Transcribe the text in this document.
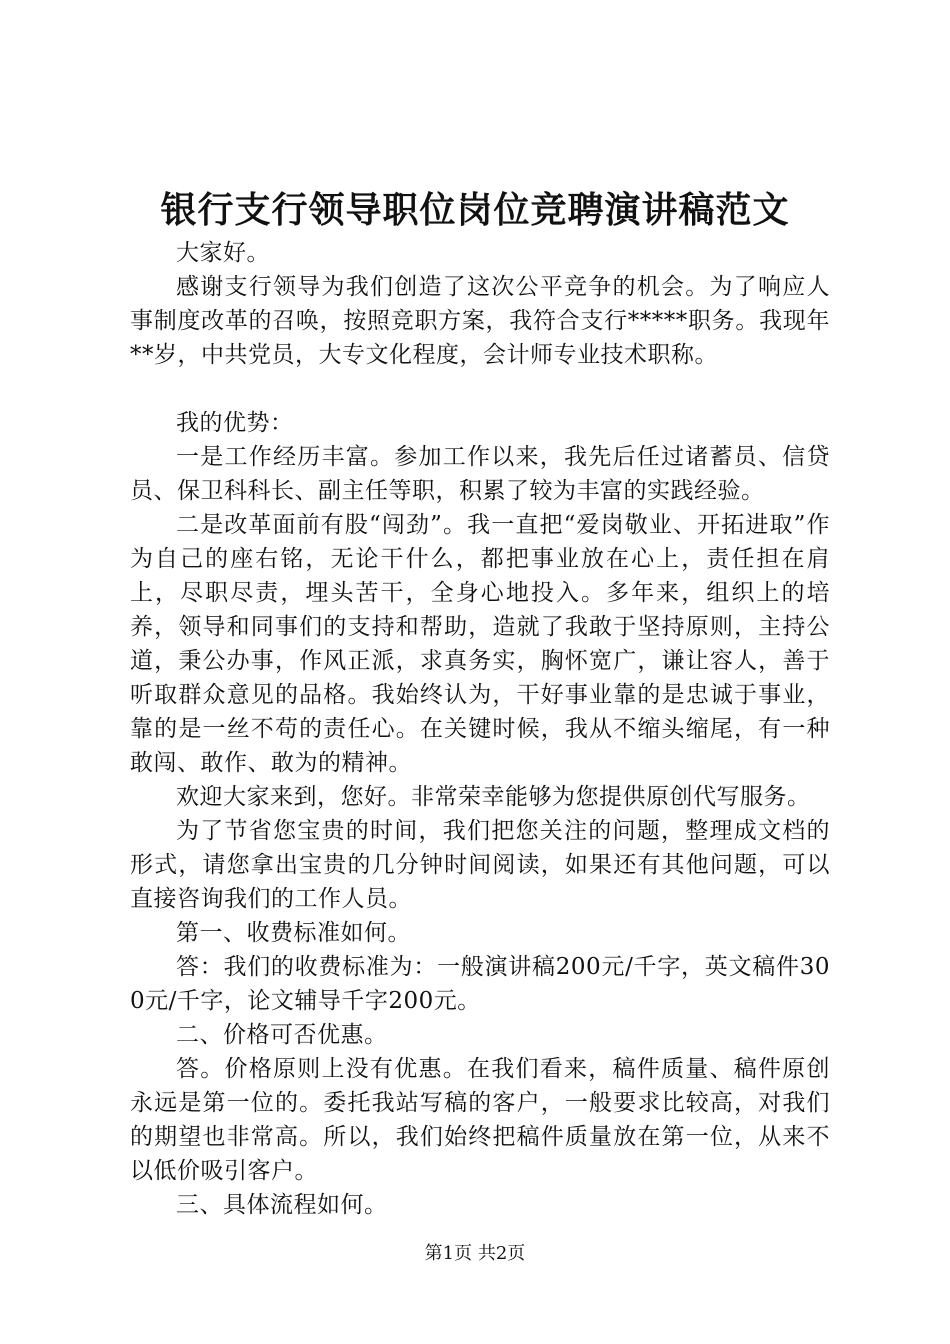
银行支行领导职位岗位竞聘演讲稿范文

大家好。

感谢支行领导为我们创造了这次公平竞争的机会。为了响应人事制度改革的召唤，按照竞职方案，我符合支行*****职务。我现年**岁，中共党员，大专文化程度，会计师专业技术职称。

我的优势：

一是工作经历丰富。参加工作以来，我先后任过诸蓄员、信贷员、保卫科科长、副主任等职，积累了较为丰富的实践经验。

二是改革面前有股“闯劲”。我一直把“爱岗敬业、开拓进取”作为自己的座右铭，无论干什么，都把事业放在心上，责任担在肩上，尽职尽责，埋头苦干，全身心地投入。多年来，组织上的培养，领导和同事们的支持和帮助，造就了我敢于坚持原则，主持公道，秉公办事，作风正派，求真务实，胸怀宽广，谦让容人，善于听取群众意见的品格。我始终认为，干好事业靠的是忠诚于事业，靠的是一丝不苟的责任心。在关键时候，我从不缩头缩尾，有一种敢闯、敢作、敢为的精神。

欢迎大家来到，您好。非常荣幸能够为您提供原创代写服务。

为了节省您宝贵的时间，我们把您关注的问题，整理成文档的形式，请您拿出宝贵的几分钟时间阅读，如果还有其他问题，可以直接咨询我们的工作人员。

第一、收费标准如何。

答：我们的收费标准为：一般演讲稿200元/千字，英文稿件300元/千字，论文辅导千字200元。

二、价格可否优惠。

答。价格原则上没有优惠。在我们看来，稿件质量、稿件原创永远是第一位的。委托我站写稿的客户，一般要求比较高，对我们的期望也非常高。所以，我们始终把稿件质量放在第一位，从来不以低价吸引客户。

三、具体流程如何。

第1页 共2页
